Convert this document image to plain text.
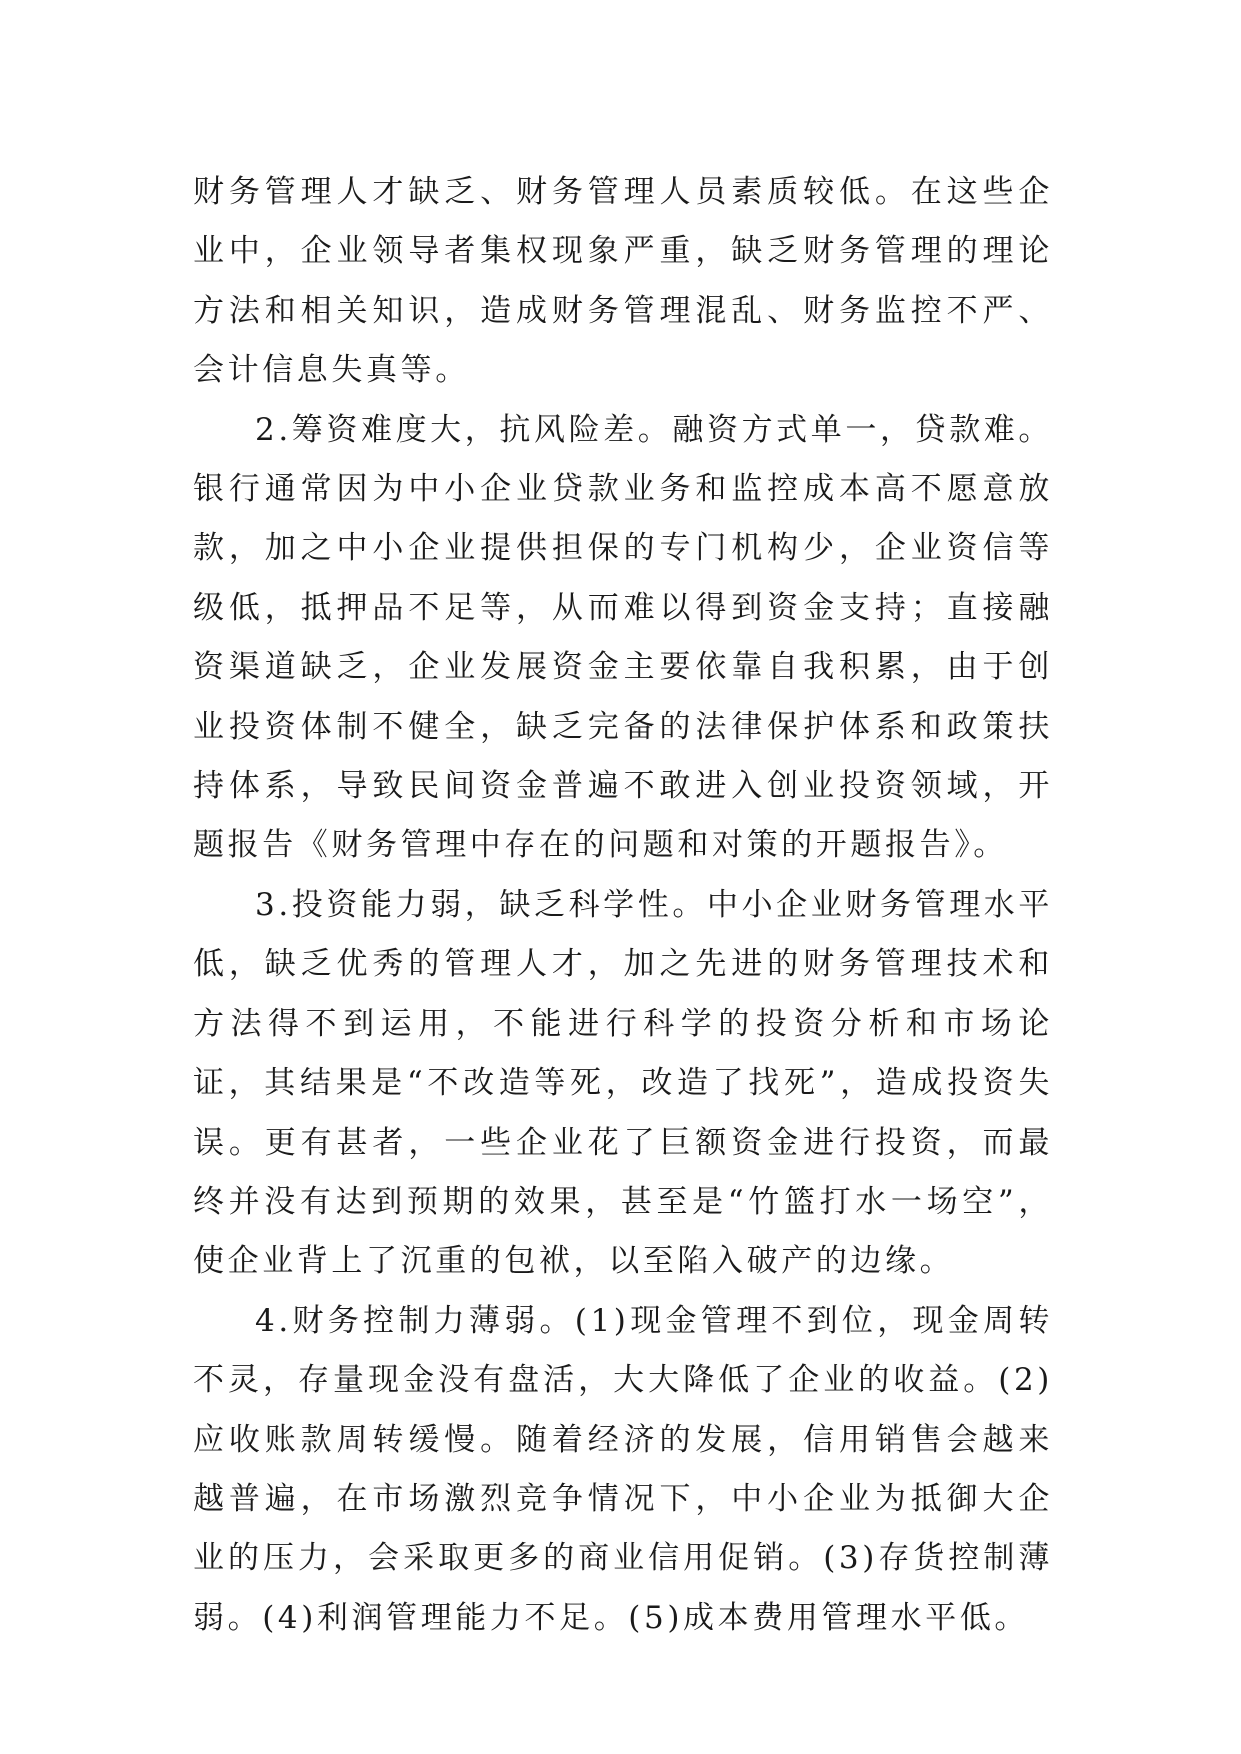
财务管理人才缺乏、财务管理人员素质较低。在这些企业中，企业领导者集权现象严重，缺乏财务管理的理论方法和相关知识，造成财务管理混乱、财务监控不严、会计信息失真等。

2.筹资难度大，抗风险差。融资方式单一，贷款难。银行通常因为中小企业贷款业务和监控成本高不愿意放款，加之中小企业提供担保的专门机构少，企业资信等级低，抵押品不足等，从而难以得到资金支持；直接融资渠道缺乏，企业发展资金主要依靠自我积累，由于创业投资体制不健全，缺乏完备的法律保护体系和政策扶持体系，导致民间资金普遍不敢进入创业投资领域，开题报告《财务管理中存在的问题和对策的开题报告》。

3.投资能力弱，缺乏科学性。中小企业财务管理水平低，缺乏优秀的管理人才，加之先进的财务管理技术和方法得不到运用，不能进行科学的投资分析和市场论证，其结果是“不改造等死，改造了找死”，造成投资失误。更有甚者，一些企业花了巨额资金进行投资，而最终并没有达到预期的效果，甚至是“竹篮打水一场空”，使企业背上了沉重的包袱，以至陷入破产的边缘。

4.财务控制力薄弱。(1)现金管理不到位，现金周转不灵，存量现金没有盘活，大大降低了企业的收益。(2)应收账款周转缓慢。随着经济的发展，信用销售会越来越普遍，在市场激烈竞争情况下，中小企业为抵御大企业的压力，会采取更多的商业信用促销。(3)存货控制薄弱。(4)利润管理能力不足。(5)成本费用管理水平低。
